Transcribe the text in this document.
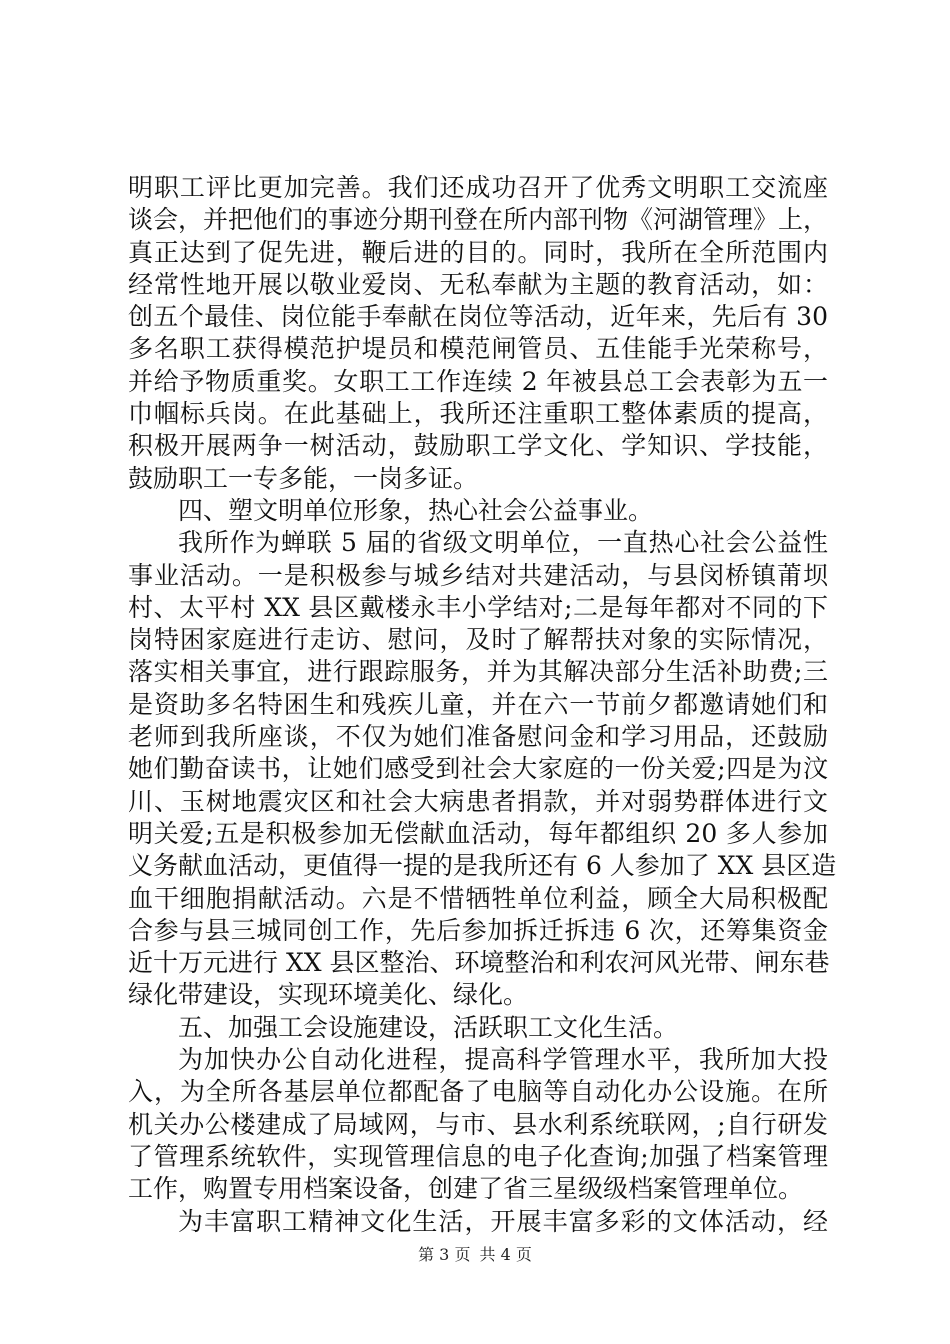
明职工评比更加完善。我们还成功召开了优秀文明职工交流座
谈会，并把他们的事迹分期刊登在所内部刊物《河湖管理》上，
真正达到了促先进，鞭后进的目的。同时，我所在全所范围内
经常性地开展以敬业爱岗、无私奉献为主题的教育活动，如：
创五个最佳、岗位能手奉献在岗位等活动，近年来，先后有 30
多名职工获得模范护堤员和模范闸管员、五佳能手光荣称号，
并给予物质重奖。女职工工作连续 2 年被县总工会表彰为五一
巾帼标兵岗。在此基础上，我所还注重职工整体素质的提高，
积极开展两争一树活动，鼓励职工学文化、学知识、学技能，
鼓励职工一专多能，一岗多证。
四、塑文明单位形象，热心社会公益事业。
我所作为蝉联 5 届的省级文明单位，一直热心社会公益性
事业活动。一是积极参与城乡结对共建活动，与县闵桥镇莆坝
村、太平村 XX 县区戴楼永丰小学结对;二是每年都对不同的下
岗特困家庭进行走访、慰问，及时了解帮扶对象的实际情况，
落实相关事宜，进行跟踪服务，并为其解决部分生活补助费;三
是资助多名特困生和残疾儿童，并在六一节前夕都邀请她们和
老师到我所座谈，不仅为她们准备慰问金和学习用品，还鼓励
她们勤奋读书，让她们感受到社会大家庭的一份关爱;四是为汶
川、玉树地震灾区和社会大病患者捐款，并对弱势群体进行文
明关爱;五是积极参加无偿献血活动，每年都组织 20 多人参加
义务献血活动，更值得一提的是我所还有 6 人参加了 XX 县区造
血干细胞捐献活动。六是不惜牺牲单位利益，顾全大局积极配
合参与县三城同创工作，先后参加拆迁拆违 6 次，还筹集资金
近十万元进行 XX 县区整治、环境整治和利农河风光带、闸东巷
绿化带建设，实现环境美化、绿化。
五、加强工会设施建设，活跃职工文化生活。
为加快办公自动化进程，提高科学管理水平，我所加大投
入，为全所各基层单位都配备了电脑等自动化办公设施。在所
机关办公楼建成了局域网，与市、县水利系统联网，;自行研发
了管理系统软件，实现管理信息的电子化查询;加强了档案管理
工作，购置专用档案设备，创建了省三星级级档案管理单位。
为丰富职工精神文化生活，开展丰富多彩的文体活动，经
第 3 页 共 4 页
